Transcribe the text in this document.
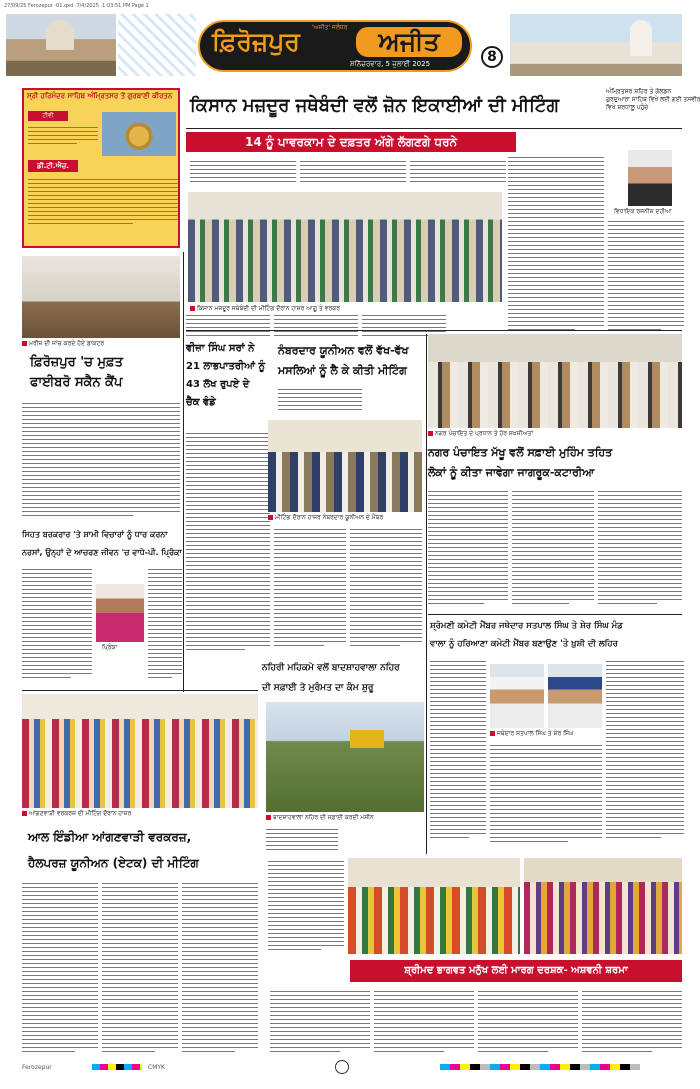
27/09/25 Ferozepur ·01.qxd ·7/4/2025 ·1:03:51 PM Page 1
'ਅਜੀਤ' ਜਲੰਧਰ
ਫ਼ਿਰੋਜ਼ਪੁਰ	ਅਜੀਤ
ਸ਼ਨਿੱਚਰਵਾਰ, 5 ਜੁਲਾਈ 2025	8
ਸ੍ਰੀ ਹਰਿਮੰਦਰ ਸਾਹਿਬ ਅੰਮ੍ਰਿਤਸਰ ਤੋਂ ਗੁਰਬਾਣੀ ਕੀਰਤਨ
ਟੀਵੀ
ਡੀ.ਟੀ.ਐਚ.
ਕਿਸਾਨ ਮਜ਼ਦੂਰ ਜਥੇਬੰਦੀ ਵਲੋਂ ਜ਼ੋਨ ਇਕਾਈਆਂ ਦੀ ਮੀਟਿੰਗ
14 ਨੂੰ ਪਾਵਰਕਾਮ ਦੇ ਦਫ਼ਤਰ ਅੱਗੇ ਲੱਗਣਗੇ ਧਰਨੇ
ਕਿਸਾਨ ਮਜ਼ਦੂਰ ਜਥੇਬੰਦੀ ਦੀ ਮੀਟਿੰਗ ਦੌਰਾਨ ਹਾਜ਼ਰ ਆਗੂ ਤੇ ਵਰਕਰ
ਅੰਮ੍ਰਿਤਸਰ ਸ਼ਹਿਰ ਤੇ ਗੋਲਡਨ
ਗੁਰਦੁਆਰਾ ਸਾਹਿਬ ਵਿਖੇ ਲਈ ਗਈ ਤਸਵੀਰ
ਵਿਖੇ ਸ਼ਰਧਾਲੂ ਪਹੁੰਚੇ
ਵਿਧਾਇਕ ਰਜਨੀਸ਼ ਦਹੀਆ
ਮਰੀਜ਼ ਦੀ ਜਾਂਚ ਕਰਦੇ ਹੋਏ ਡਾਕਟਰ
ਫ਼ਿਰੋਜ਼ਪੁਰ 'ਚ ਮੁਫ਼ਤ
ਫਾਈਬਰੋ ਸਕੈਨ ਕੈਂਪ
ਵੀਜ਼ਾ ਸਿੰਘ ਸਰਾਂ ਨੇ
21 ਲਾਭਪਾਤਰੀਆਂ ਨੂੰ
43 ਲੱਖ ਰੁਪਏ ਦੇ
ਚੈੱਕ ਵੰਡੇ
ਨੰਬਰਦਾਰ ਯੂਨੀਅਨ ਵਲੋਂ ਵੱਖ-ਵੱਖ
ਮਸਲਿਆਂ ਨੂੰ ਲੈ ਕੇ ਕੀਤੀ ਮੀਟਿੰਗ
ਮੀਟਿੰਗ ਦੌਰਾਨ ਹਾਜ਼ਰ ਨੰਬਰਦਾਰ ਯੂਨੀਅਨ ਦੇ ਮੈਂਬਰ
ਨਗਰ ਪੰਚਾਇਤ ਦੇ ਪ੍ਰਧਾਨ ਤੇ ਹੋਰ ਸ਼ਖ਼ਸੀਅਤਾਂ
ਨਗਰ ਪੰਚਾਇਤ ਮੱਖੂ ਵਲੋਂ ਸਫ਼ਾਈ ਮੁਹਿੰਮ ਤਹਿਤ
ਲੋਕਾਂ ਨੂੰ ਕੀਤਾ ਜਾਵੇਗਾ ਜਾਗਰੂਕ-ਕਟਾਰੀਆ
ਸਿਹਤ ਬਰਕਰਾਰ 'ਤੇ ਸ਼ਾਮੀ ਵਿਚਾਰਾਂ ਨੂੰ ਧਾਰ ਕਰਨਾ
ਨਰਸਾਂ, ਉਨ੍ਹਾਂ ਦੇ ਆਚਰਣ ਜੀਵਨ 'ਚ ਵਾਧੇ-ਪੀ. ਪ੍ਰਿੰਕਾ
ਪ੍ਰਿੰਕਾ
ਸ਼੍ਰੋਮਣੀ ਕਮੇਟੀ ਮੈਂਬਰ ਜਥੇਦਾਰ ਸਤਪਾਲ ਸਿੰਘ ਤੇ ਸ਼ੇਰ ਸਿੰਘ ਮੰਡ
ਵਾਲਾ ਨੂੰ ਹਰਿਆਣਾ ਕਮੇਟੀ ਮੈਂਬਰ ਬਣਾਉਣ 'ਤੇ ਖ਼ੁਸ਼ੀ ਦੀ ਲਹਿਰ
ਜਥੇਦਾਰ ਸਤਪਾਲ ਸਿੰਘ ਤੇ ਸ਼ੇਰ ਸਿੰਘ
ਨਹਿਰੀ ਮਹਿਕਮੇ ਵਲੋਂ ਬਾਦਸ਼ਾਹਵਾਲਾ ਨਹਿਰ
ਦੀ ਸਫ਼ਾਈ ਤੇ ਮੁਰੰਮਤ ਦਾ ਕੰਮ ਸ਼ੁਰੂ
ਬਾਦਸ਼ਾਹਵਾਲਾ ਨਹਿਰ ਦੀ ਸਫ਼ਾਈ ਕਰਦੀ ਮਸ਼ੀਨ
ਆਂਗਣਵਾੜੀ ਵਰਕਰਜ਼ ਦੀ ਮੀਟਿੰਗ ਦੌਰਾਨ ਹਾਜ਼ਰ
ਆਲ ਇੰਡੀਆ ਆਂਗਣਵਾੜੀ ਵਰਕਰਜ਼,
ਹੈਲਪਰਜ਼ ਯੂਨੀਅਨ (ਏਟਕ) ਦੀ ਮੀਟਿੰਗ
ਸ਼੍ਰੀਮਦ ਭਾਗਵਤ ਮਨੁੱਖ ਲਈ ਮਾਰਗ ਦਰਸ਼ਕ- ਅਸ਼ਵਨੀ ਸ਼ਰਮਾ
Ferozepur	CMYK
